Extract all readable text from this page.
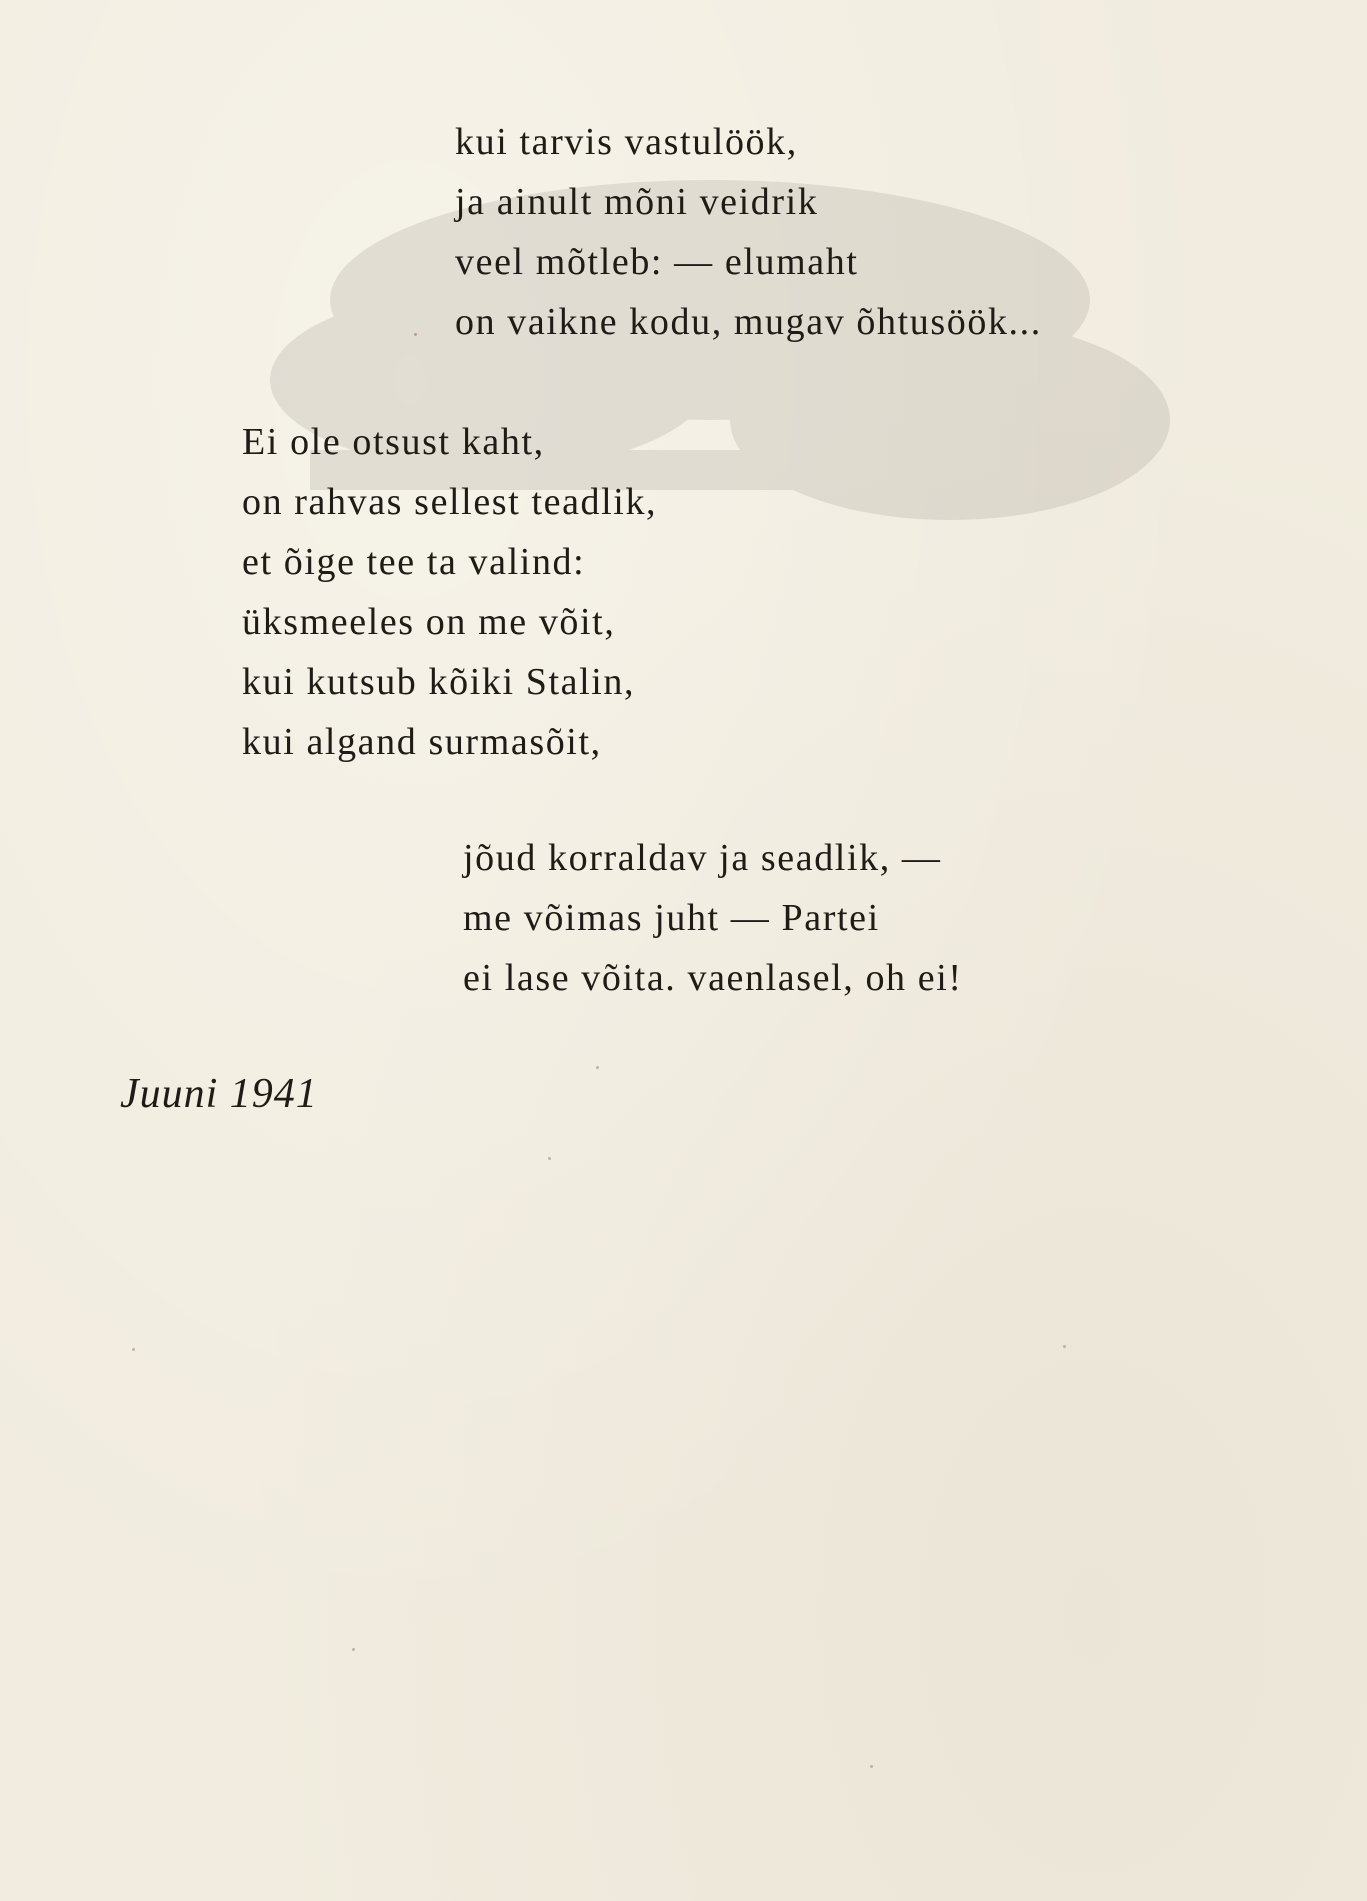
kui tarvis vastulöök,
ja ainult mõni veidrik
veel mõtleb: — elumaht
on vaikne kodu, mugav õhtusöök...
Ei ole otsust kaht,
on rahvas sellest teadlik,
et õige tee ta valind:
üksmeeles on me võit,
kui kutsub kõiki Stalin,
kui algand surmasõit,
jõud korraldav ja seadlik, —
me võimas juht — Partei
ei lase võita. vaenlasel, oh ei!
Juuni 1941
